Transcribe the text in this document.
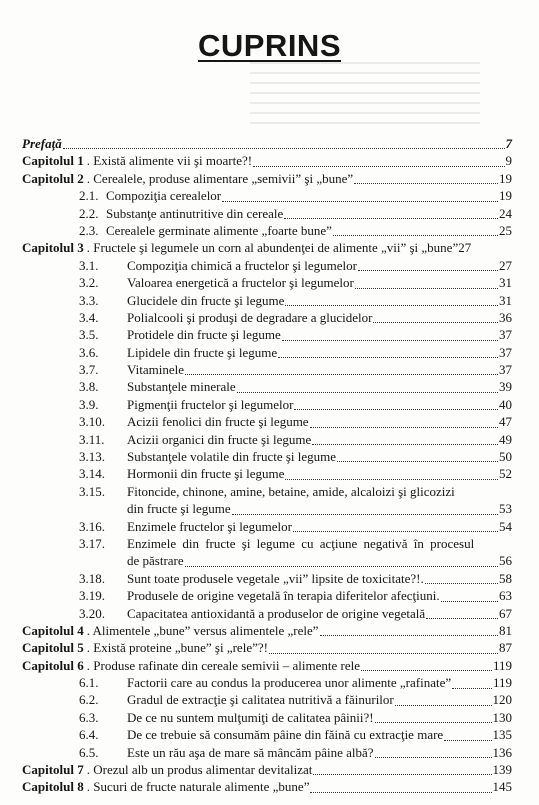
CUPRINS
Prefaţă	7
Capitolul 1 . Există alimente vii şi moarte?!	9
Capitolul 2 . Cerealele, produse alimentare „semivii” şi „bune”	19
2.1. Compoziţia cerealelor	19
2.2. Substanţe antinutritive din cereale	24
2.3. Cerealele germinate alimente „foarte bune”	25
Capitolul 3 . Fructele şi legumele un corn al abundenţei de alimente „vii” şi „bune” 27
3.1.	Compoziţia chimică a fructelor şi legumelor	27
3.2.	Valoarea energetică a fructelor şi legumelor	31
3.3.	Glucidele din fructe şi legume	31
3.4.	Polialcooli şi produşi de degradare a glucidelor	36
3.5.	Protidele din fructe şi legume	37
3.6.	Lipidele din fructe şi legume	37
3.7.	Vitaminele	37
3.8.	Substanţele minerale	39
3.9.	Pigmenţii fructelor şi legumelor	40
3.10.	Acizii fenolici din fructe şi legume	47
3.11.	Acizii organici din fructe şi legume	49
3.13.	Substanţele volatile din fructe şi legume	50
3.14.	Hormonii din fructe şi legume	52
3.15.	Fitoncide, chinone, amine, betaine, amide, alcaloizi şi glicozizi
din fructe şi legume	53
3.16.	Enzimele fructelor şi legumelor	54
3.17.	Enzimele din fructe şi legume cu acţiune negativă în procesul
de păstrare	56
3.18.	Sunt toate produsele vegetale „vii” lipsite de toxicitate?!.	58
3.19.	Produsele de origine vegetală în terapia diferitelor afecţiuni.	63
3.20.	Capacitatea antioxidantă a produselor de origine vegetală	67
Capitolul 4 . Alimentele „bune” versus alimentele „rele”	81
Capitolul 5 . Există proteine „bune” şi „rele”?!	87
Capitolul 6 . Produse rafinate din cereale semivii – alimente rele	119
6.1.	Factorii care au condus la producerea unor alimente „rafinate”	119
6.2.	Gradul de extracţie şi calitatea nutritivă a făinurilor	120
6.3.	De ce nu suntem mulţumiţi de calitatea pâinii?!	130
6.4.	De ce trebuie să consumăm pâine din făină cu extracţie mare	135
6.5.	Este un rău aşa de mare să mâncăm pâine albă?	136
Capitolul 7 . Orezul alb un produs alimentar devitalizat	139
Capitolul 8 . Sucuri de fructe naturale alimente „bune”	145
